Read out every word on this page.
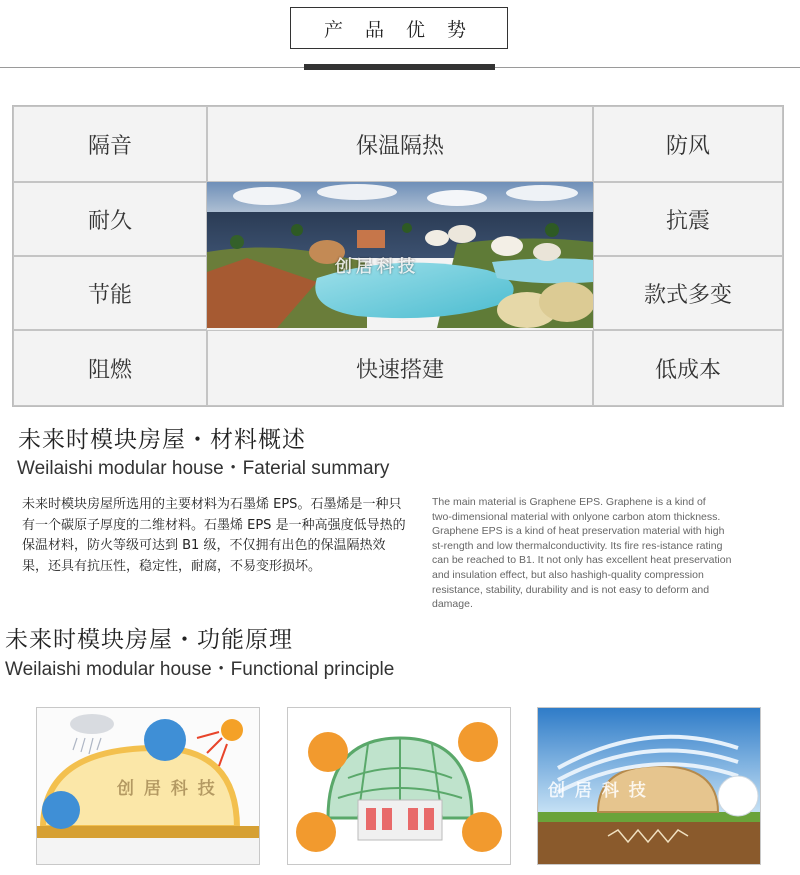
产 品 优 势
隔音	保温隔热	防风
耐久	抗震
节能	款式多变
阻燃	快速搭建	低成本
创居科技
未来时模块房屋・材料概述
Weilaishi modular house・Faterial summary

未来时模块房屋所选用的主要材料为石墨烯 EPS。石墨烯是一种只有一个碳原子厚度的二维材料。石墨烯 EPS 是一种高强度低导热的保温材料，防火等级可达到 B1 级，不仅拥有出色的保温隔热效果，还具有抗压性，稳定性，耐腐，不易变形损坏。

The main material is Graphene EPS. Graphene is a kind of
two-dimensional material with onlyone carbon atom thickness.
Graphene EPS is a kind of heat preservation material with high
st-rength and low thermalconductivity. Its fire res-istance rating
can be reached to B1. It not only has excellent heat preservation
and insulation effect, but also hashigh-quality compression
resistance, stability, durability and is not easy to deform and
damage.

未来时模块房屋・功能原理
Weilaishi modular house・Functional principle
创 居 科 技	创 居 科 技
